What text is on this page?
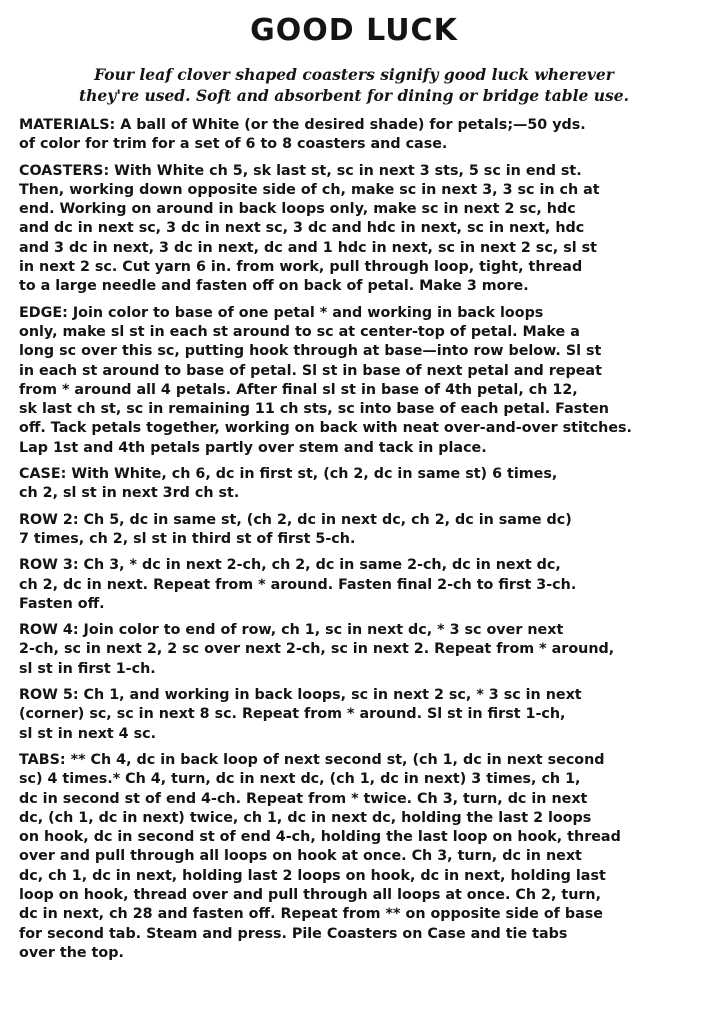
GOOD LUCK
Four leaf clover shaped coasters signify good luck wherever
they're used. Soft and absorbent for dining or bridge table use.
MATERIALS: A ball of White (or the desired shade) for petals;—50 yds.
of color for trim for a set of 6 to 8 coasters and case.
COASTERS: With White ch 5, sk last st, sc in next 3 sts, 5 sc in end st.
Then, working down opposite side of ch, make sc in next 3, 3 sc in ch at
end. Working on around in back loops only, make sc in next 2 sc, hdc
and dc in next sc, 3 dc in next sc, 3 dc and hdc in next, sc in next, hdc
and 3 dc in next, 3 dc in next, dc and 1 hdc in next, sc in next 2 sc, sl st
in next 2 sc. Cut yarn 6 in. from work, pull through loop, tight, thread
to a large needle and fasten off on back of petal. Make 3 more.
EDGE: Join color to base of one petal * and working in back loops
only, make sl st in each st around to sc at center-top of petal. Make a
long sc over this sc, putting hook through at base—into row below. Sl st
in each st around to base of petal. Sl st in base of next petal and repeat
from * around all 4 petals. After final sl st in base of 4th petal, ch 12,
sk last ch st, sc in remaining 11 ch sts, sc into base of each petal. Fasten
off. Tack petals together, working on back with neat over-and-over stitches.
Lap 1st and 4th petals partly over stem and tack in place.
CASE: With White, ch 6, dc in first st, (ch 2, dc in same st) 6 times,
ch 2, sl st in next 3rd ch st.
ROW 2: Ch 5, dc in same st, (ch 2, dc in next dc, ch 2, dc in same dc)
7 times, ch 2, sl st in third st of first 5-ch.
ROW 3: Ch 3, * dc in next 2-ch, ch 2, dc in same 2-ch, dc in next dc,
ch 2, dc in next. Repeat from * around. Fasten final 2-ch to first 3-ch.
Fasten off.
ROW 4: Join color to end of row, ch 1, sc in next dc, * 3 sc over next
2-ch, sc in next 2, 2 sc over next 2-ch, sc in next 2. Repeat from * around,
sl st in first 1-ch.
ROW 5: Ch 1, and working in back loops, sc in next 2 sc, * 3 sc in next
(corner) sc, sc in next 8 sc. Repeat from * around. Sl st in first 1-ch,
sl st in next 4 sc.
TABS: ** Ch 4, dc in back loop of next second st, (ch 1, dc in next second
sc) 4 times.* Ch 4, turn, dc in next dc, (ch 1, dc in next) 3 times, ch 1,
dc in second st of end 4-ch. Repeat from * twice. Ch 3, turn, dc in next
dc, (ch 1, dc in next) twice, ch 1, dc in next dc, holding the last 2 loops
on hook, dc in second st of end 4-ch, holding the last loop on hook, thread
over and pull through all loops on hook at once. Ch 3, turn, dc in next
dc, ch 1, dc in next, holding last 2 loops on hook, dc in next, holding last
loop on hook, thread over and pull through all loops at once. Ch 2, turn,
dc in next, ch 28 and fasten off. Repeat from ** on opposite side of base
for second tab. Steam and press. Pile Coasters on Case and tie tabs
over the top.
